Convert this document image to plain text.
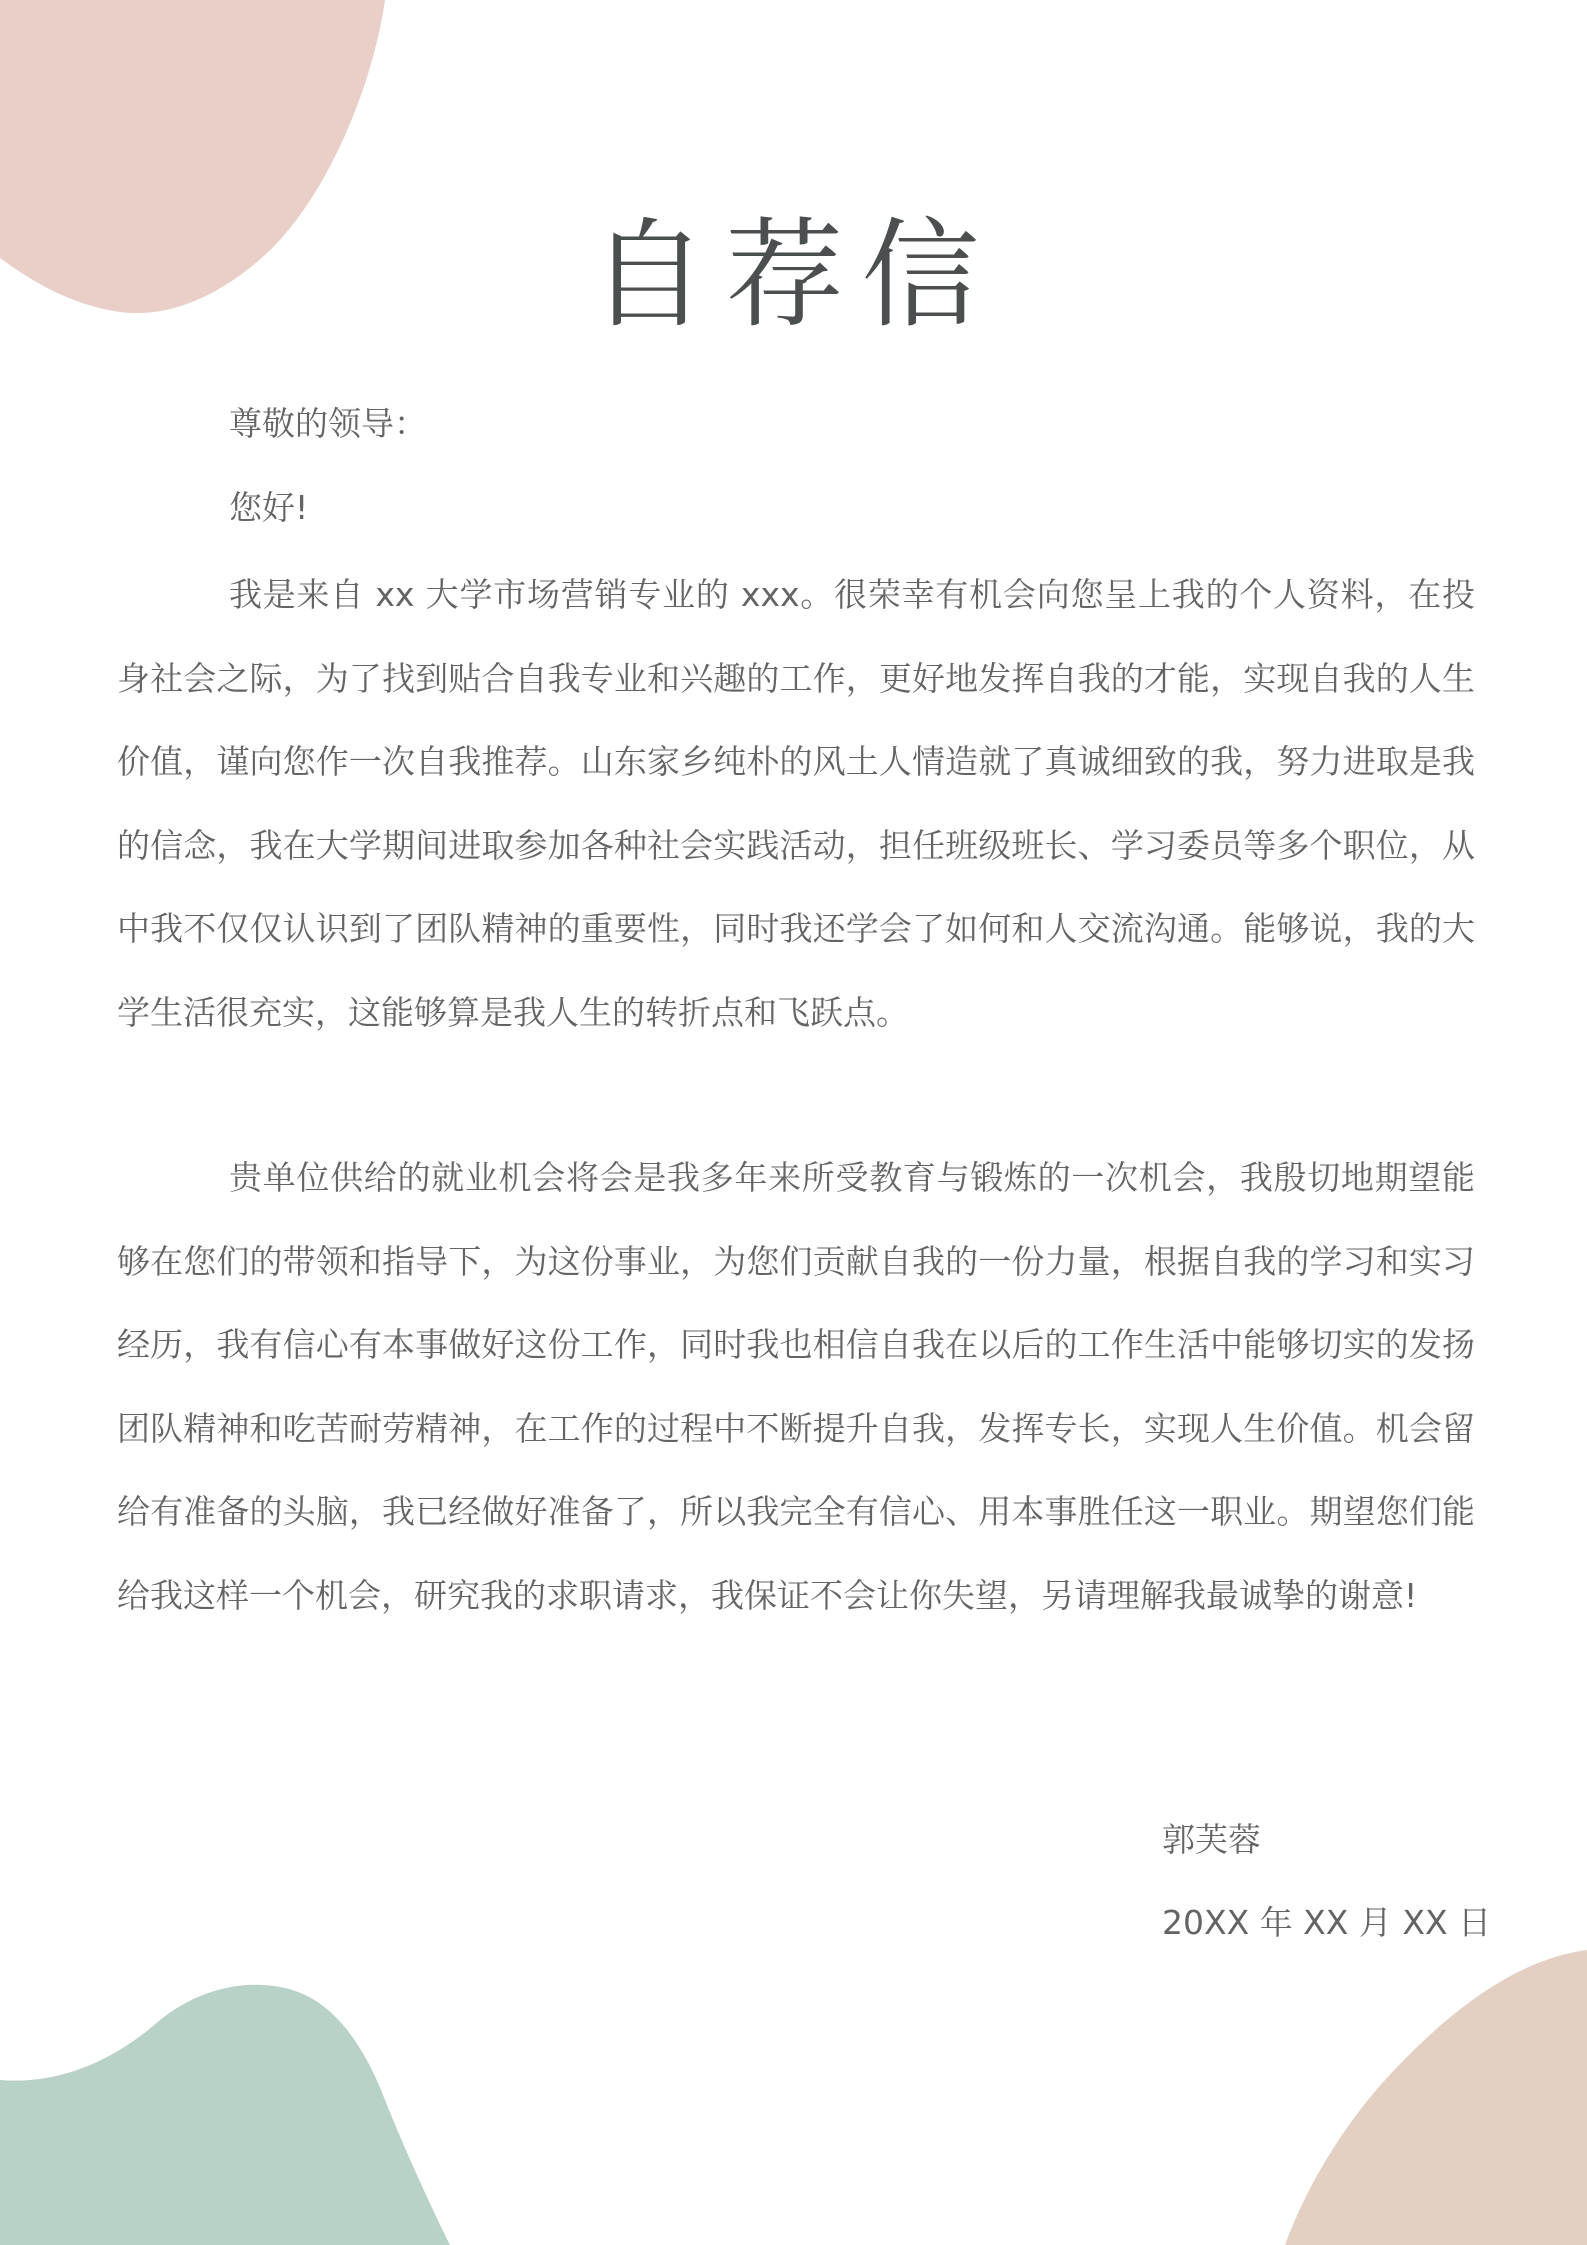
自荐信

尊敬的领导：

您好!

我是来自 xx 大学市场营销专业的 xxx。很荣幸有机会向您呈上我的个人资料，在投身社会之际，为了找到贴合自我专业和兴趣的工作，更好地发挥自我的才能，实现自我的人生价值，谨向您作一次自我推荐。山东家乡纯朴的风土人情造就了真诚细致的我，努力进取是我的信念，我在大学期间进取参加各种社会实践活动，担任班级班长、学习委员等多个职位，从中我不仅仅认识到了团队精神的重要性，同时我还学会了如何和人交流沟通。能够说，我的大学生活很充实，这能够算是我人生的转折点和飞跃点。

贵单位供给的就业机会将会是我多年来所受教育与锻炼的一次机会，我殷切地期望能够在您们的带领和指导下，为这份事业，为您们贡献自我的一份力量，根据自我的学习和实习经历，我有信心有本事做好这份工作，同时我也相信自我在以后的工作生活中能够切实的发扬团队精神和吃苦耐劳精神，在工作的过程中不断提升自我，发挥专长，实现人生价值。机会留给有准备的头脑，我已经做好准备了，所以我完全有信心、用本事胜任这一职业。期望您们能给我这样一个机会，研究我的求职请求，我保证不会让你失望，另请理解我最诚挚的谢意!

郭芙蓉

20XX 年 XX 月 XX 日
